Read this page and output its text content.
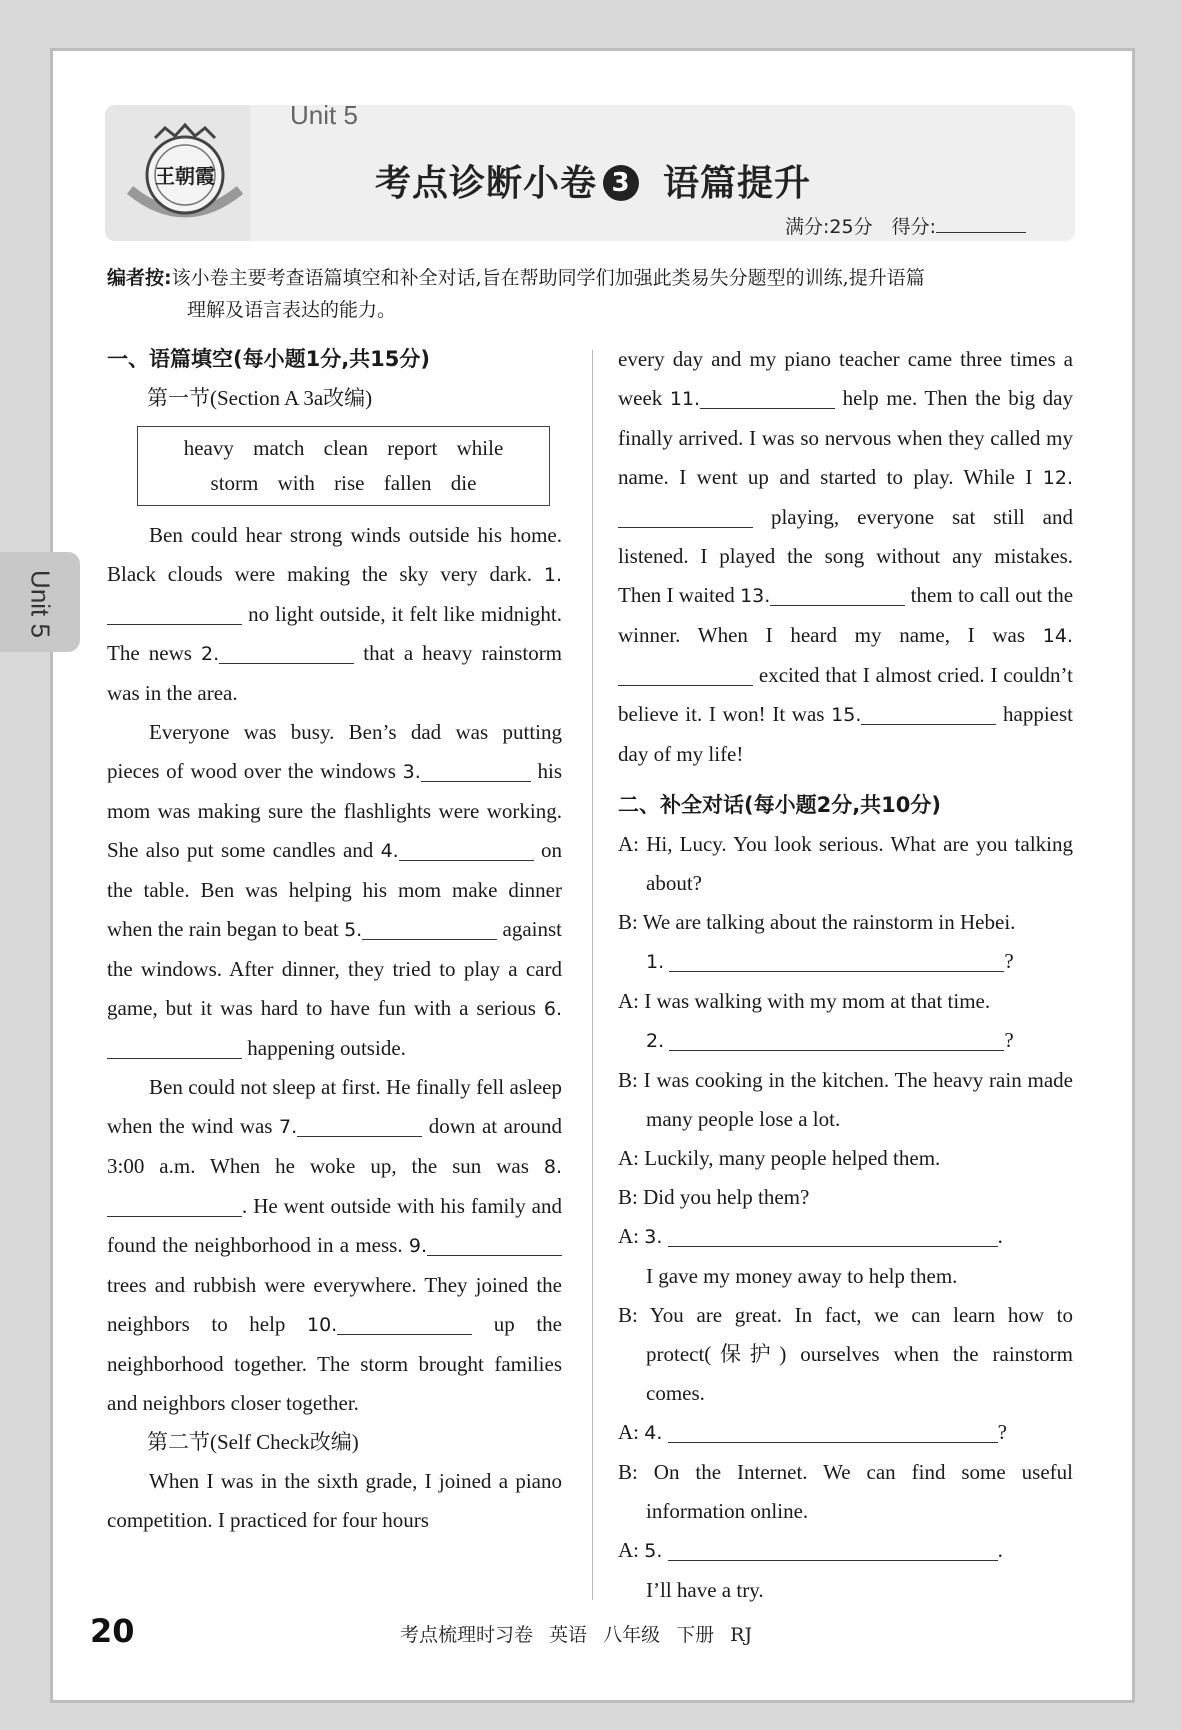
王朝霞
Unit 5
考点诊断小卷 3 语篇提升
满分:25分　得分:
编者按:该小卷主要考查语篇填空和补全对话,旨在帮助同学们加强此类易失分题型的训练,提升语篇
理解及语言表达的能力。
Unit 5
一、语篇填空(每小题1分,共15分)
第一节(Section A 3a改编)
heavy match clean report while
storm with rise fallen die

Ben could hear strong winds outside his home. Black clouds were making the sky very dark. 1. no light outside, it felt like midnight. The news 2.	that a heavy rainstorm was in the area.

Everyone was busy. Ben’s dad was putting pieces of wood over the windows 3.	his mom was making sure the flashlights were working. She also put some candles and 4.	on the table. Ben was helping his mom make dinner when the rain began to beat 5.	against the windows. After dinner, they tried to play a card game, but it was hard to have fun with a serious 6. happening outside.

Ben could not sleep at first. He finally fell asleep when the wind was 7.	down at around 3:00 a.m. When he woke up, the sun was 8.. He went outside with his family and found the neighborhood in a mess. 9. trees and rubbish were everywhere. They joined the neighbors to help 10.	up the neighborhood together. The storm brought families and neighbors closer together.

第二节(Self Check改编)

When I was in the sixth grade, I joined a piano competition. I practiced for four hours

every day and my piano teacher came three times a week 11.	help me. Then the big day finally arrived. I was so nervous when they called my name. I went up and started to play. While I 12. playing, everyone sat still and listened. I played the song without any mistakes. Then I waited 13.	them to call out the winner. When I heard my name, I was 14. excited that I almost cried. I couldn’t believe it. I won! It was 15.	happiest day of my life!

二、补全对话(每小题2分,共10分)

A: Hi, Lucy. You look serious. What are you talking about?

B: We are talking about the rainstorm in Hebei.

1.	?

A: I was walking with my mom at that time.

2.	?

B: I was cooking in the kitchen. The heavy rain made many people lose a lot.

A: Luckily, many people helped them.

B: Did you help them?

A: 3.	.

I gave my money away to help them.

B: You are great. In fact, we can learn how to protect(保护) ourselves when the rainstorm comes.

A: 4.	?

B: On the Internet. We can find some useful information online.

A: 5.	.

I’ll have a try.

20	考点梳理时习卷 英语 八年级 下册 RJ
